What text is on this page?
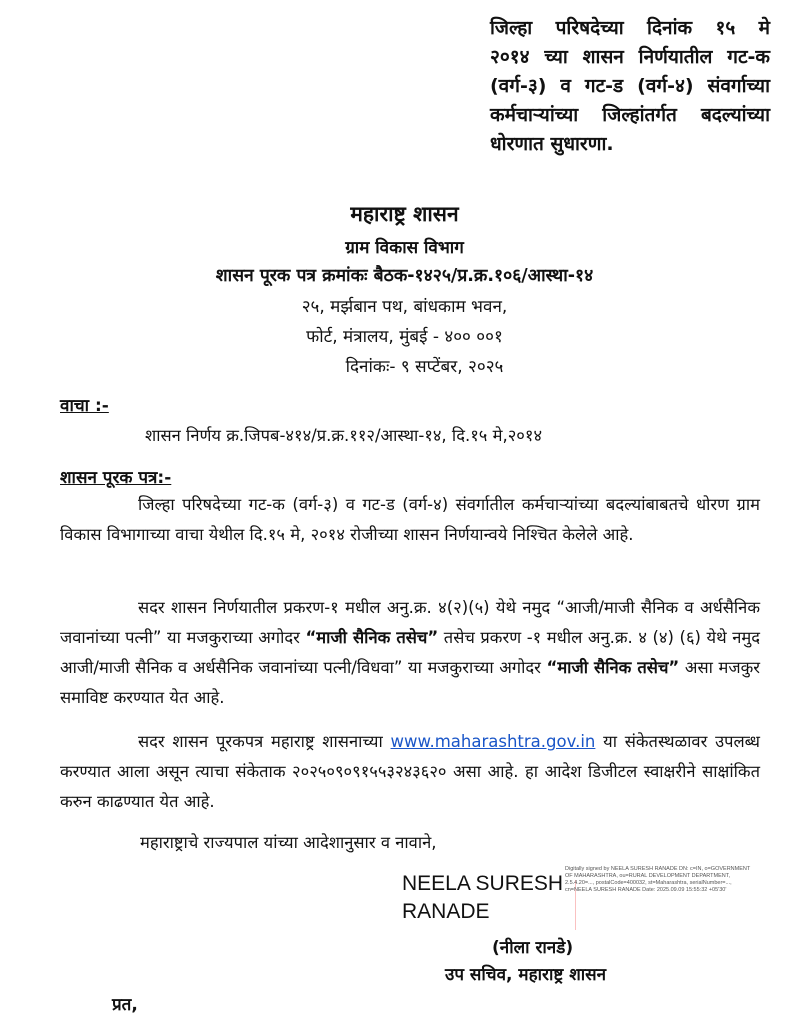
जिल्हा परिषदेच्या दिनांक १५ मे
२०१४ च्या शासन निर्णयातील गट-क
(वर्ग-३) व गट-ड (वर्ग-४) संवर्गाच्या
कर्मचाऱ्यांच्या जिल्हांतर्गत बदल्यांच्या
धोरणात सुधारणा.
महाराष्ट्र शासन
ग्राम विकास विभाग
शासन पूरक पत्र क्रमांकः बैठक-१४२५/प्र.क्र.१०६/आस्था-१४
२५, मर्झबान पथ, बांधकाम भवन,
फोर्ट, मंत्रालय, मुंबई - ४०० ००१
दिनांकः- ९ सप्टेंबर, २०२५
वाचा :-
शासन निर्णय क्र.जिपब-४१४/प्र.क्र.११२/आस्था-१४, दि.१५ मे,२०१४
शासन पूरक पत्र:-
जिल्हा परिषदेच्या गट-क (वर्ग-३) व गट-ड (वर्ग-४) संवर्गातील कर्मचाऱ्यांच्या बदल्यांबाबतचे धोरण ग्राम विकास विभागाच्या वाचा येथील दि.१५ मे, २०१४ रोजीच्या शासन निर्णयान्वये निश्चित केलेले आहे.
सदर शासन निर्णयातील प्रकरण-१ मधील अनु.क्र. ४(२)(५) येथे नमुद “आजी/माजी सैनिक व अर्धसैनिक जवानांच्या पत्नी” या मजकुराच्या अगोदर “माजी सैनिक तसेच” तसेच प्रकरण -१ मधील अनु.क्र. ४ (४) (६) येथे नमुद आजी/माजी सैनिक व अर्धसैनिक जवानांच्या पत्नी/विधवा” या मजकुराच्या अगोदर “माजी सैनिक तसेच” असा मजकुर समाविष्ट करण्यात येत आहे.
सदर शासन पूरकपत्र महाराष्ट्र शासनाच्या www.maharashtra.gov.in या संकेतस्थळावर उपलब्ध करण्यात आला असून त्याचा संकेताक २०२५०९०९१५५३२४३६२० असा आहे. हा आदेश डिजीटल स्वाक्षरीने साक्षांकित करुन काढण्यात येत आहे.
महाराष्ट्राचे राज्यपाल यांच्या आदेशानुसार व नावाने,
NEELA SURESH
RANADE
Digitally signed by NEELA SURESH RANADE DN: c=IN, o=GOVERNMENT OF MAHARASHTRA, ou=RURAL DEVELOPMENT DEPARTMENT, 2.5.4.20=..., postalCode=400032, st=Maharashtra, serialNumber=..., cn=NEELA SURESH RANADE Date: 2025.09.09 15:55:32 +05'30'
(नीला रानडे)
उप सचिव, महाराष्ट्र शासन
प्रत,
